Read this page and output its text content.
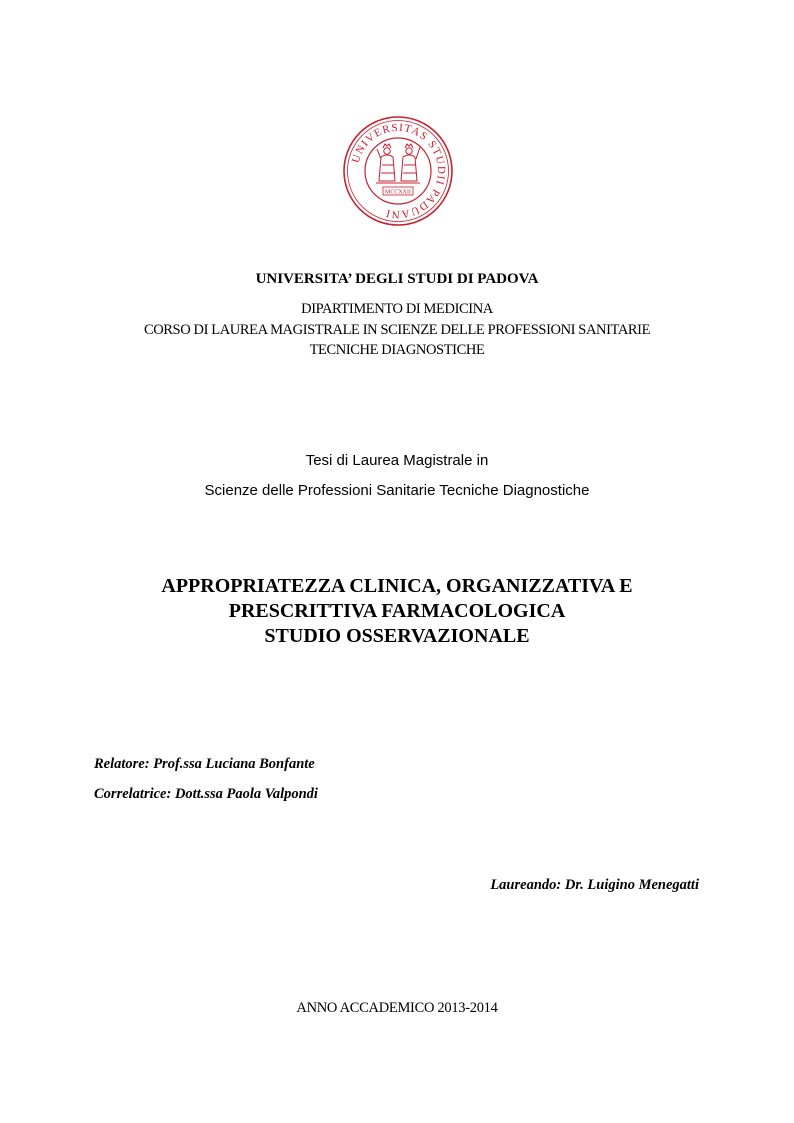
UNIVERSITAS STUDII PADUANI
MCCXXII
UNIVERSITA’ DEGLI STUDI DI PADOVA
DIPARTIMENTO DI MEDICINA
CORSO DI LAUREA MAGISTRALE IN SCIENZE DELLE PROFESSIONI SANITARIE
TECNICHE DIAGNOSTICHE
Tesi di Laurea Magistrale in
Scienze delle Professioni Sanitarie Tecniche Diagnostiche
APPROPRIATEZZA CLINICA, ORGANIZZATIVA E
PRESCRITTIVA FARMACOLOGICA
STUDIO OSSERVAZIONALE
Relatore: Prof.ssa Luciana Bonfante
Correlatrice: Dott.ssa Paola Valpondi
Laureando: Dr. Luigino Menegatti
ANNO ACCADEMICO 2013-2014
